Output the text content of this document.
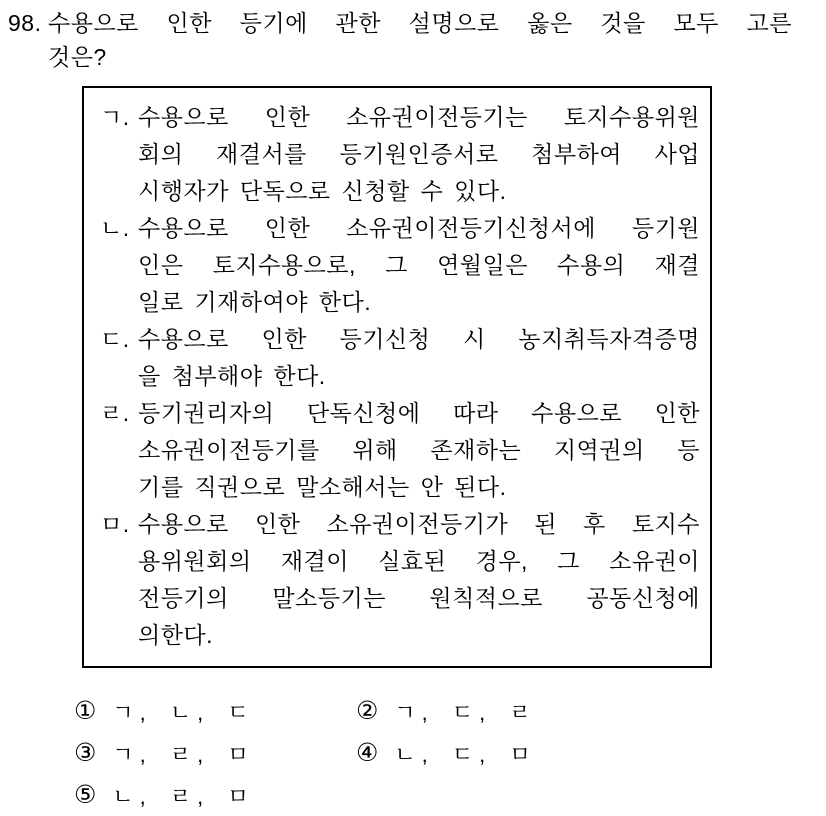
98. 수용으로 인한 등기에 관한 설명으로 옳은 것을 모두 고른
것은?
ㄱ. 수용으로 인한 소유권이전등기는 토지수용위원
회의 재결서를 등기원인증서로 첨부하여 사업
시행자가 단독으로 신청할 수 있다.
ㄴ. 수용으로 인한 소유권이전등기신청서에 등기원
인은 토지수용으로, 그 연월일은 수용의 재결
일로 기재하여야 한다.
ㄷ. 수용으로 인한 등기신청 시 농지취득자격증명
을 첨부해야 한다.
ㄹ. 등기권리자의 단독신청에 따라 수용으로 인한
소유권이전등기를 위해 존재하는 지역권의 등
기를 직권으로 말소해서는 안 된다.
ㅁ. 수용으로 인한 소유권이전등기가 된 후 토지수
용위원회의 재결이 실효된 경우, 그 소유권이
전등기의 말소등기는 원칙적으로 공동신청에
의한다.
① ㄱ, ㄴ, ㄷ	② ㄱ, ㄷ, ㄹ
③ ㄱ, ㄹ, ㅁ	④ ㄴ, ㄷ, ㅁ
⑤ ㄴ, ㄹ, ㅁ
